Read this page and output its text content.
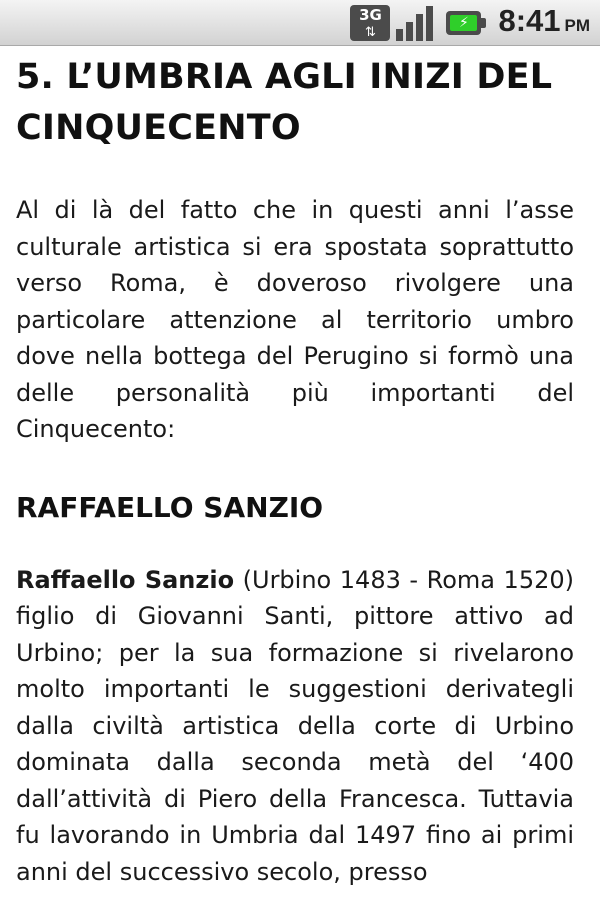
3G
⇅
⚡ 8:41 PM
5. L’UMBRIA AGLI INIZI DEL CINQUECENTO

Al di là del fatto che in questi anni l’asse culturale artistica si era spostata soprattutto verso Roma, è doveroso rivolgere una particolare attenzione al territorio umbro dove nella bottega del Perugino si formò una delle personalità più importanti del Cinquecento:

RAFFAELLO SANZIO

Raffaello Sanzio (Urbino 1483 - Roma 1520) figlio di Giovanni Santi, pittore attivo ad Urbino; per la sua formazione si rivelarono molto importanti le suggestioni derivategli dalla civiltà artistica della corte di Urbino dominata dalla seconda metà del ‘400 dall’attività di Piero della Francesca. Tuttavia fu lavorando in Umbria dal 1497 fino ai primi anni del successivo secolo, presso
